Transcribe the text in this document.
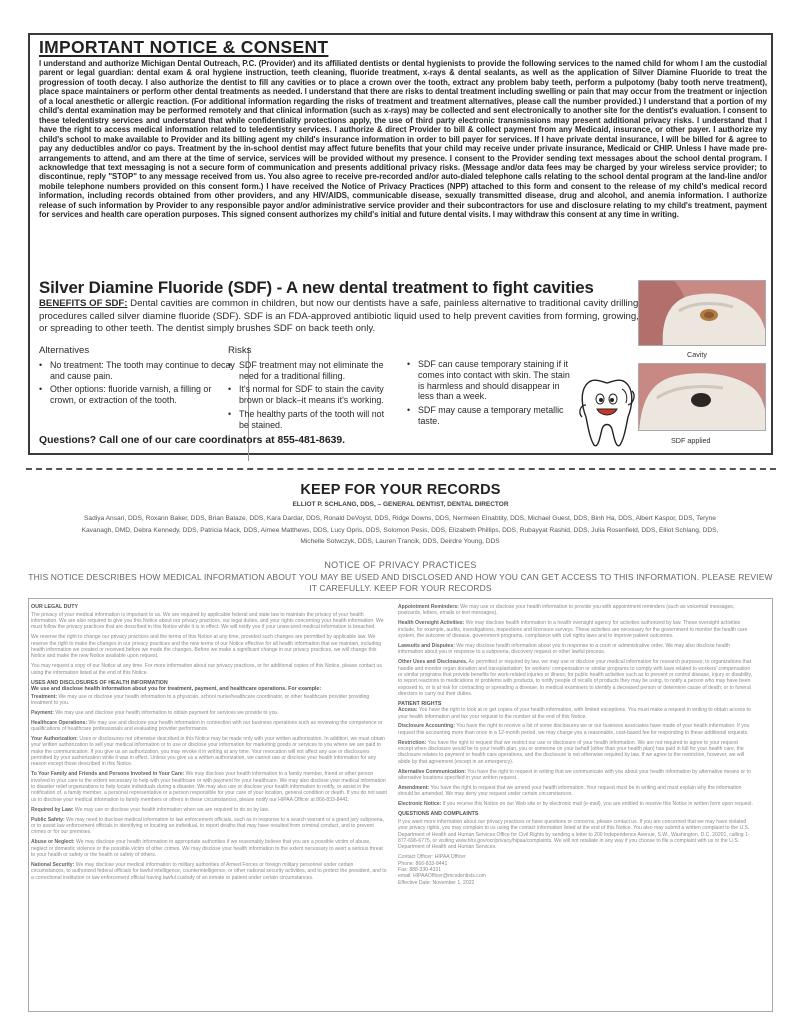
IMPORTANT NOTICE & CONSENT

I understand and authorize Michigan Dental Outreach, P.C. (Provider) and its affiliated dentists or dental hygienists to provide the following services to the named child for whom I am the custodial parent or legal guardian: dental exam & oral hygiene instruction, teeth cleaning, fluoride treatment, x-rays & dental sealants, as well as the application of Silver Diamine Fluoride to treat the progression of tooth decay. I also authorize the dentist to fill any cavities or to place a crown over the tooth, extract any problem baby teeth, perform a pulpotomy (baby tooth nerve treatment), place space maintainers or perform other dental treatments as needed. I understand that there are risks to dental treatment including swelling or pain that may occur from the treatment or injection of a local anesthetic or allergic reaction. (For additional information regarding the risks of treatment and treatment alternatives, please call the number provided.) I understand that a portion of my child's dental examination may be performed remotely and that clinical information (such as x-rays) may be collected and sent electronically to another site for the dentist's evaluation. I consent to these teledentistry services and understand that while confidentiality protections apply, the use of third party electronic transmissions may present additional privacy risks. I understand that I have the right to access medical information related to teledentistry services. I authorize & direct Provider to bill & collect payment from any Medicaid, insurance, or other payer. I authorize my child's school to make available to Provider and its billing agent my child's insurance information in order to bill payer for services. If I have private dental insurance, I will be billed for & agree to pay any deductibles and/or co pays. Treatment by the in-school dentist may affect future benefits that your child may receive under private insurance, Medicaid or CHIP. Unless I have made pre-arrangements to attend, and am there at the time of service, services will be provided without my presence. I consent to the Provider sending text messages about the school dental program. I acknowledge that text messaging is not a secure form of communication and presents additional privacy risks. (Message and/or data fees may be charged by your wireless service provider; to discontinue, reply "STOP" to any message received from us. You also agree to receive pre-recorded and/or auto-dialed telephone calls relating to the school dental program at the land-line and/or mobile telephone numbers provided on this consent form.) I have received the Notice of Privacy Practices (NPP) attached to this form and consent to the release of my child's medical record information, including records obtained from other providers, and any HIV/AIDS, communicable disease, sexually transmitted disease, drug and alcohol, and anemia information. I authorize release of such information by Provider to any responsible payor and/or administrative service provider and their subcontractors for use and disclosure relating to my child's treatment, payment for services and health care operation purposes. This signed consent authorizes my child's initial and future dental visits. I may withdraw this consent at any time in writing.

Silver Diamine Fluoride (SDF) - A new dental treatment to fight cavities

BENEFITS OF SDF: Dental cavities are common in children, but now our dentists have a safe, painless alternative to traditional cavity drilling procedures called silver diamine fluoride (SDF). SDF is an FDA-approved antibiotic liquid used to help prevent cavities from forming, growing, or spreading to other teeth. The dentist simply brushes SDF on back teeth only.

Alternatives
• No treatment: The tooth may continue to decay and cause pain.
• Other options: fluoride varnish, a filling or crown, or extraction of the tooth.
Risks
• SDF treatment may not eliminate the need for a traditional filling.
• It's normal for SDF to stain the cavity brown or black–it means it's working.
• The healthy parts of the tooth will not be stained.
• SDF can cause temporary staining if it comes into contact with skin. The stain is harmless and should disappear in less than a week.
• SDF may cause a temporary metallic taste.
Questions? Call one of our care coordinators at 855-481-8639.
Cavity
SDF applied
KEEP FOR YOUR RECORDS
ELLIOT P. SCHLANG, DDS, – GENERAL DENTIST, DENTAL DIRECTOR
Sadiya Ansari, DDS, Roxann Baker, DDS, Brian Balaze, DDS, Kara Dardar, DDS, Ronald DeVoyst, DDS, Ridge Downs, DDS, Nermeen Elnabtity, DDS, Michael Guest, DDS, Binh Ha, DDS, Albert Kaspor, DDS, Teryne Kavanagh, DMD, Debra Kennedy, DDS, Patricia Mack, DDS, Aimee Matthews, DDS, Lucy Opris, DDS, Solomon Pesis, DDS, Elizabeth Phillips, DDS, Rubayyat Rashid, DDS, Julia Rosenfield, DDS, Elliot Schlang, DDS, Michelle Sotwczyk, DDS, Lauren Trancik, DDS, Deirdre Young, DDS
NOTICE OF PRIVACY PRACTICES
THIS NOTICE DESCRIBES HOW MEDICAL INFORMATION ABOUT YOU MAY BE USED AND DISCLOSED AND HOW YOU CAN GET ACCESS TO THIS INFORMATION. PLEASE REVIEW IT CAREFULLY. KEEP FOR YOUR RECORDS

OUR LEGAL DUTY

The privacy of your medical information is important to us. We are required by applicable federal and state law to maintain the privacy of your health information. We are also required to give you this Notice about our privacy practices, our legal duties, and your rights concerning your health information. We must follow the privacy practices that are described in this Notice while it is in effect. We will notify you if your unsecured medical information is breached.

We reserve the right to change our privacy practices and the terms of this Notice at any time, provided such changes are permitted by applicable law. We reserve the right to make the changes in our privacy practices and the new terms of our Notice effective for all health information that we maintain, including health information we created or received before we made the changes. Before we make a significant change in our privacy practices, we will change this Notice and make the new Notice available upon request.

You may request a copy of our Notice at any time. For more information about our privacy practices, or for additional copies of this Notice, please contact us using the information listed at the end of this Notice.

USES AND DISCLOSURES OF HEALTH INFORMATION

We use and disclose health information about you for treatment, payment, and healthcare operations. For example:

Treatment: We may use or disclose your health information to a physician, school nurse/healthcare coordinator, or other healthcare provider providing treatment to you.

Payment: We may use and disclose your health information to obtain payment for services we provide to you.

Healthcare Operations: We may use and disclose your health information in connection with our business operations such as reviewing the competence or qualifications of healthcare professionals and evaluating provider performance.

Your Authorization: Uses or disclosures not otherwise described in this Notice may be made only with your written authorization. In addition, we must obtain your written authorization to sell your medical information or to use or disclose your information for marketing goods or services to you where we are paid to make the communication. If you give us an authorization, you may revoke it in writing at any time. Your revocation will not affect any use or disclosures permitted by your authorization while it was in effect. Unless you give us a written authorization, we cannot use or disclose your health information for any reason except those described in this Notice.

To Your Family and Friends and Persons Involved in Your Care: We may disclose your health information to a family member, friend or other person involved in your care to the extent necessary to help with your healthcare or with payment for your healthcare. We may also disclose your medical information to disaster relief organizations to help locate individuals during a disaster. We may also use or disclose your health information to notify, or assist in the notification of, a family member, a personal representative or a person responsible for your care of your location, general condition or death. If you do not want us to disclose your medical information to family members or others in these circumstances, please notify our HIPAA Officer at 866-833-8441.

Required by Law: We may use or disclose your health information when we are required to do so by law.

Public Safety: We may need to disclose medical information to law enforcement officials, such as in response to a search warrant or a grand jury subpoena, or to assist law enforcement officials in identifying or locating an individual, to report deaths that may have resulted from criminal conduct, and to prevent crimes or for our premises.

Abuse or Neglect: We may disclose your health information to appropriate authorities if we reasonably believe that you are a possible victim of abuse, neglect or domestic violence or the possible victim of other crimes. We may disclose your health information to the extent necessary to avert a serious threat to your health or safety or the health or safety of others.

National Security: We may disclose your medical information to military authorities of Armed Forces or foreign military personnel under certain circumstances, to authorized federal officials for lawful intelligence, counterintelligence, or other national security activities, and to protect the president, and to a correctional institution or law enforcement official having lawful custody of an inmate or patient under certain circumstances.

Appointment Reminders: We may use or disclose your health information to provide you with appointment reminders (such as voicemail messages, postcards, letters, emails or text messages).

Health Oversight Activities: We may disclose health information to a health oversight agency for activities authorized by law. These oversight activities include, for example, audits, investigations, inspections and licensure surveys. These activities are necessary for the government to monitor the health care system, the outcome of disease, government programs, compliance with civil rights laws and to improve patient outcomes.

Lawsuits and Disputes: We may disclose health information about you in response to a court or administrative order. We may also disclose health information about you in response to a subpoena, discovery request or other lawful process.

Other Uses and Disclosures. As permitted or required by law, we may use or disclose your medical information for research purposes; to organizations that handle and monitor organ donation and transplantation; for workers' compensation or similar programs to comply with laws related to workers' compensation or similar programs that provide benefits for work-related injuries or illness; for public health activities such as to prevent or control disease, injury or disability, to report reactions to medications or problems with products, to notify people of recalls of products they may be using, to notify a person who may have been exposed to, or is at risk for contracting or spreading a disease; to medical examiners to identify a deceased person or determine cause of death; or to funeral directors to carry out their duties.

PATIENT RIGHTS

Access: You have the right to look at or get copies of your health information, with limited exceptions. You must make a request in writing to obtain access to your health information and fax your request to the number at the end of this Notice.

Disclosure Accounting: You have the right to receive a list of some disclosures we or our business associates have made of your health information. If you request this accounting more than once in a 12-month period, we may charge you a reasonable, cost-based fee for responding to these additional requests.

Restriction: You have the right to request that we restrict our use or disclosure of your health information. We are not required to agree to your request except when disclosure would be to your health plan, you or someone on your behalf (other than your health plan) has paid in full for your health care, the disclosure relates to payment or health care operations, and the disclosure is not otherwise required by law. If we agree to the restriction, however, we will abide by that agreement (except in an emergency).

Alternative Communication: You have the right to request in writing that we communicate with you about your health information by alternative means or to alternative locations specified in your written request.

Amendment: You have the right to request that we amend your health information. Your request must be in writing and must explain why the information should be amended. We may deny your request under certain circumstances.

Electronic Notice: If you receive this Notice on our Web site or by electronic mail (e-mail), you are entitled to receive this Notice in written form upon request.

QUESTIONS AND COMPLAINTS

If you want more information about our privacy practices or have questions or concerns, please contact us. If you are concerned that we may have violated your privacy rights, you may complain to us using the contact information listed at the end of this Notice. You also may submit a written complaint to the U.S. Department of Health and Human Services Office for Civil Rights by sending a letter to 200 Independence Avenue, S.W., Washington, D.C. 20201, calling 1-877-696-6775, or visiting www.hhs.gov/ocr/privacy/hipaa/complaints. We will not retaliate in any way if you choose to file a complaint with us or the U.S. Department of Health and Human Services.

Contact Officer: HIPAA Officer

Phone: 866-833-8441

Fax: 888-330-4331

email: HIPAAOfficer@mcsdentists.com

Effective Date: November 1, 2022
